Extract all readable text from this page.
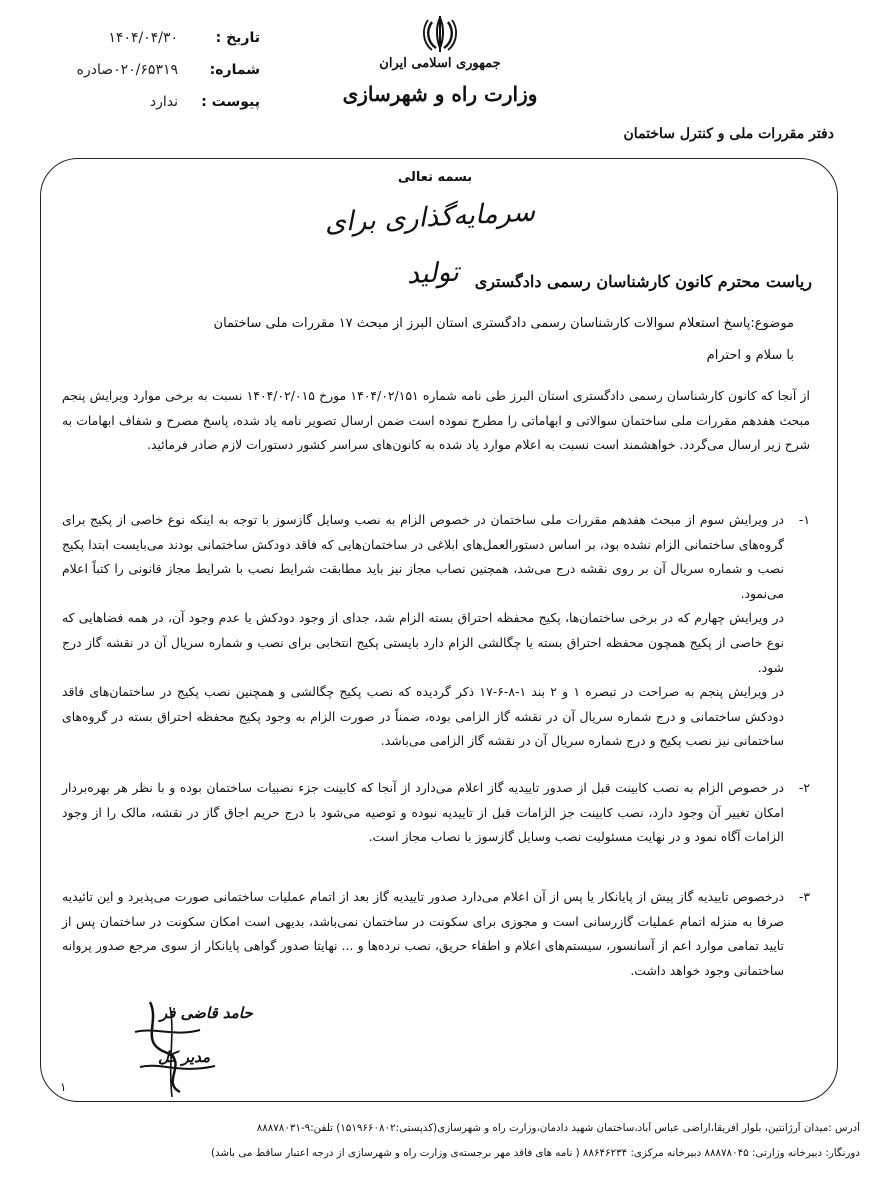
تاریخ :
۱۴۰۴/۰۴/۳۰
شماره:
۰۲۰/۶۵۳۱۹صادره
پیوست :
ندارد
جمهوری اسلامی ایران
وزارت راه و شهرسازی
دفتر مقررات ملی و کنترل ساختمان
بسمه تعالی
سرمایه‌گذاری برای تولید ریاست محترم کانون کارشناسان رسمی دادگستری
موضوع:پاسخ استعلام سوالات کارشناسان رسمی دادگستری استان البرز از مبحث ۱۷ مقررات ملی ساختمان
با سلام و احترام
از آنجا که کانون کارشناسان رسمی دادگستری استان البرز طی نامه شماره ۱۴۰۴/۰۲/۱۵۱ مورخ ۱۴۰۴/۰۲/۰۱۵ نسبت به برخی موارد ویرایش پنجم مبحث هفدهم مقررات ملی ساختمان سوالاتی و ابهاماتی را مطرح نموده است ضمن ارسال تصویر نامه یاد شده، پاسخ مصرح و شفاف ابهامات به شرح زیر ارسال می‌گردد. خواهشمند است نسبت به اعلام موارد یاد شده به کانون‌های سراسر کشور دستورات لازم صادر فرمائید.
۱-

در ویرایش سوم از مبحث هفدهم مقررات ملی ساختمان در خصوص الزام به نصب وسایل گازسوز با توجه به اینکه نوع خاصی از پکیج برای گروه‌های ساختمانی الزام نشده بود، بر اساس دستورالعمل‌های ابلاغی در ساختمان‌هایی که فاقد دودکش ساختمانی بودند می‌بایست ابتدا پکیج نصب و شماره سریال آن بر روی نقشه درج می‌شد، همچنین نصاب مجاز نیز باید مطابقت شرایط نصب با شرایط مجاز قانونی را کتباً اعلام می‌نمود.

در ویرایش چهارم که در برخی ساختمان‌ها، پکیج محفظه احتراق بسته الزام شد، جدای از وجود دودکش یا عدم وجود آن، در همه فضاهایی که نوع خاصی از پکیج همچون محفظه احتراق بسته یا چگالشی الزام دارد بایستی پکیج انتخابی برای نصب و شماره سریال آن در نقشه گاز درج شود.

در ویرایش پنجم به صراحت در تبصره ۱ و ۲ بند ۱-۸-۶-۱۷ ذکر گردیده که نصب پکیج چگالشی و همچنین نصب پکیج در ساختمان‌های فاقد دودکش ساختمانی و درج شماره سریال آن در نقشه گاز الزامی بوده، ضمناً در صورت الزام به وجود پکیج محفظه احتراق بسته در گروه‌های ساختمانی نیز نصب پکیج و درج شماره سریال آن در نقشه گاز الزامی می‌باشد.

۲-

در خصوص الزام به نصب کابینت قبل از صدور تاییدیه گاز اعلام می‌دارد از آنجا که کابینت جزء نصبیات ساختمان بوده و با نظر هر بهره‌بردار امکان تغییر آن وجود دارد، نصب کابینت جز الزامات قبل از تاییدیه نبوده و توصیه می‌شود با درج حریم اجاق گاز در نقشه، مالک را از وجود الزامات آگاه نمود و در نهایت مسئولیت نصب وسایل گازسوز با نصاب مجاز است.

۳-

درخصوص تاییدیه گاز پیش از پایانکار یا پس از آن اعلام می‌دارد صدور تاییدیه گاز بعد از اتمام عملیات ساختمانی صورت می‌پذیرد و این تائیدیه صرفا به منزله اتمام عملیات گازرسانی است و مجوزی برای سکونت در ساختمان نمی‌باشد، بدیهی است امکان سکونت در ساختمان پس از تایید تمامی موارد اعم از آسانسور، سیستم‌های اعلام و اطفاء حریق، نصب نرده‌ها و ... نهایتا صدور گواهی پایانکار از سوی مرجع صدور پروانه ساختمانی وجود خواهد داشت.

حامد قاضی فر
مدیر کل
۱
آدرس :میدان آرژانتین، بلوار افریقا،اراضی عباس آباد،ساختمان شهید دادمان،وزارت راه و شهرسازی(کدپستی:۱۵۱۹۶۶۰۸۰۲) تلفن:۹-۸۸۸۷۸۰۳۱
دورنگار: دبیرخانه وزارتی: ۸۸۸۷۸۰۴۵ دبیرخانه مرکزی: ۸۸۶۴۶۲۳۴ ( نامه های فاقد مهر برجسته‌ی وزارت راه و شهرسازی از درجه اعتبار ساقط می باشد)
